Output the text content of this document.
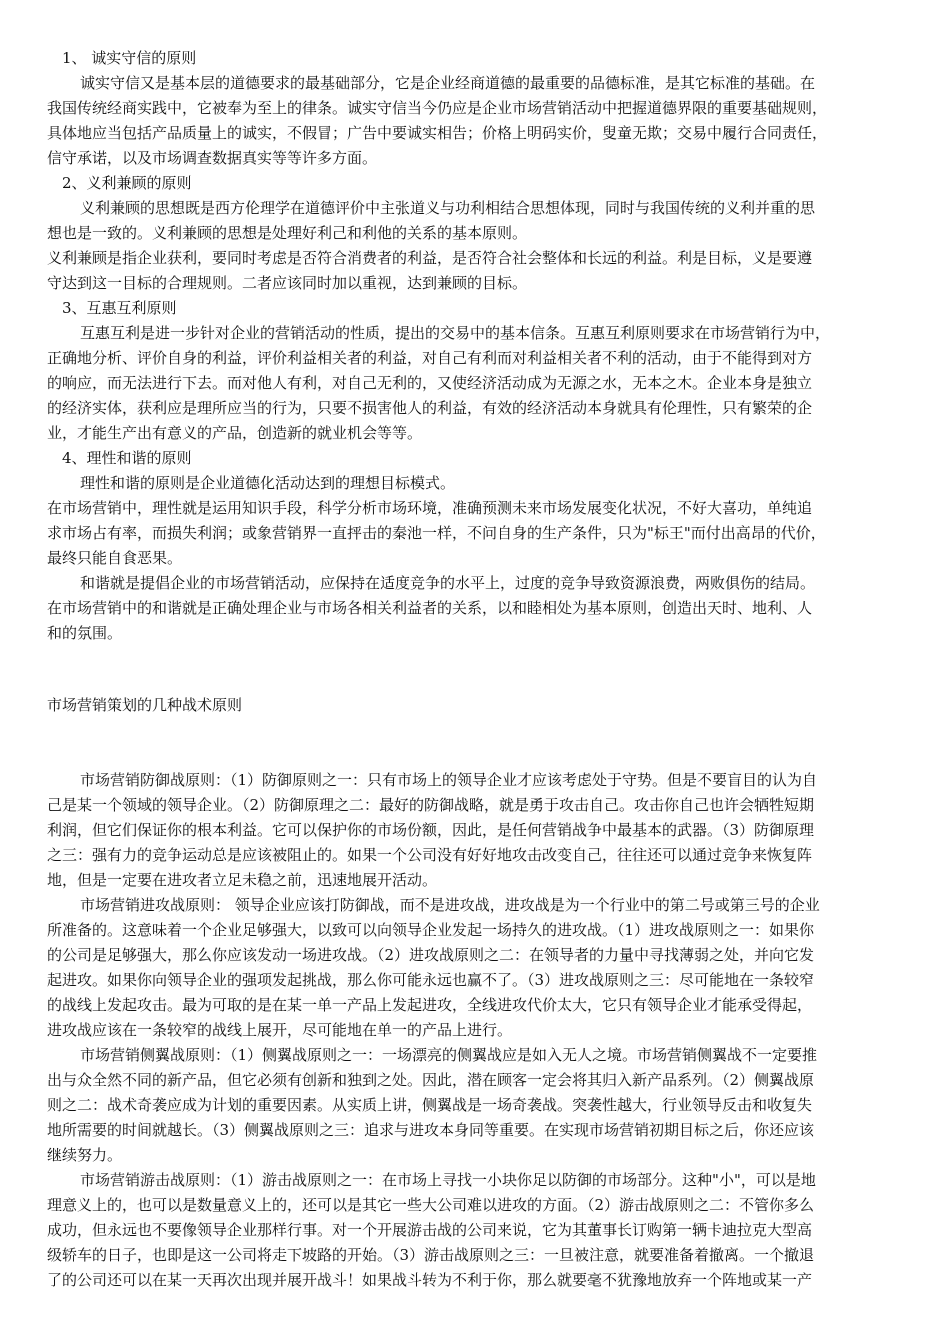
1、 诚实守信的原则
诚实守信又是基本层的道德要求的最基础部分，它是企业经商道德的最重要的品德标准，是其它标准的基础。在
我国传统经商实践中，它被奉为至上的律条。诚实守信当今仍应是企业市场营销活动中把握道德界限的重要基础规则，
具体地应当包括产品质量上的诚实，不假冒；广告中要诚实相告；价格上明码实价，叟童无欺；交易中履行合同责任，
信守承诺，以及市场调查数据真实等等许多方面。
2、义利兼顾的原则
义利兼顾的思想既是西方伦理学在道德评价中主张道义与功利相结合思想体现，同时与我国传统的义利并重的思
想也是一致的。义利兼顾的思想是处理好利己和利他的关系的基本原则。
义利兼顾是指企业获利，要同时考虑是否符合消费者的利益，是否符合社会整体和长远的利益。利是目标，义是要遵
守达到这一目标的合理规则。二者应该同时加以重视，达到兼顾的目标。
3、互惠互利原则
互惠互利是进一步针对企业的营销活动的性质，提出的交易中的基本信条。互惠互利原则要求在市场营销行为中，
正确地分析、评价自身的利益，评价利益相关者的利益，对自己有利而对利益相关者不利的活动，由于不能得到对方
的响应，而无法进行下去。而对他人有利，对自己无利的，又使经济活动成为无源之水，无本之木。企业本身是独立
的经济实体，获利应是理所应当的行为，只要不损害他人的利益，有效的经济活动本身就具有伦理性，只有繁荣的企
业，才能生产出有意义的产品，创造新的就业机会等等。
4、理性和谐的原则
理性和谐的原则是企业道德化活动达到的理想目标模式。
在市场营销中，理性就是运用知识手段，科学分析市场环境，准确预测未来市场发展变化状况，不好大喜功，单纯追
求市场占有率，而损失利润；或象营销界一直抨击的秦池一样，不问自身的生产条件，只为"标王"而付出高昂的代价，
最终只能自食恶果。
和谐就是提倡企业的市场营销活动，应保持在适度竞争的水平上，过度的竞争导致资源浪费，两败俱伤的结局。
在市场营销中的和谐就是正确处理企业与市场各相关利益者的关系，以和睦相处为基本原则，创造出天时、地利、人
和的氛围。
市场营销策划的几种战术原则
市场营销防御战原则：（1）防御原则之一：只有市场上的领导企业才应该考虑处于守势。但是不要盲目的认为自
己是某一个领域的领导企业。（2）防御原理之二：最好的防御战略，就是勇于攻击自己。攻击你自己也许会牺牲短期
利润，但它们保证你的根本利益。它可以保护你的市场份额，因此，是任何营销战争中最基本的武器。（3）防御原理
之三：强有力的竞争运动总是应该被阻止的。如果一个公司没有好好地攻击改变自己，往往还可以通过竞争来恢复阵
地，但是一定要在进攻者立足未稳之前，迅速地展开活动。
市场营销进攻战原则： 领导企业应该打防御战，而不是进攻战，进攻战是为一个行业中的第二号或第三号的企业
所准备的。这意味着一个企业足够强大，以致可以向领导企业发起一场持久的进攻战。（1）进攻战原则之一：如果你
的公司是足够强大，那么你应该发动一场进攻战。（2）进攻战原则之二：在领导者的力量中寻找薄弱之处，并向它发
起进攻。如果你向领导企业的强项发起挑战，那么你可能永远也赢不了。（3）进攻战原则之三：尽可能地在一条较窄
的战线上发起攻击。最为可取的是在某一单一产品上发起进攻，全线进攻代价太大，它只有领导企业才能承受得起，
进攻战应该在一条较窄的战线上展开，尽可能地在单一的产品上进行。
市场营销侧翼战原则：（1）侧翼战原则之一：一场漂亮的侧翼战应是如入无人之境。市场营销侧翼战不一定要推
出与众全然不同的新产品，但它必须有创新和独到之处。因此，潜在顾客一定会将其归入新产品系列。（2）侧翼战原
则之二：战术奇袭应成为计划的重要因素。从实质上讲，侧翼战是一场奇袭战。突袭性越大，行业领导反击和收复失
地所需要的时间就越长。（3）侧翼战原则之三：追求与进攻本身同等重要。在实现市场营销初期目标之后，你还应该
继续努力。
市场营销游击战原则：（1）游击战原则之一：在市场上寻找一小块你足以防御的市场部分。这种"小"，可以是地
理意义上的，也可以是数量意义上的，还可以是其它一些大公司难以进攻的方面。（2）游击战原则之二：不管你多么
成功，但永远也不要像领导企业那样行事。对一个开展游击战的公司来说，它为其董事长订购第一辆卡迪拉克大型高
级轿车的日子，也即是这一公司将走下坡路的开始。（3）游击战原则之三：一旦被注意，就要准备着撤离。一个撤退
了的公司还可以在某一天再次出现并展开战斗！如果战斗转为不利于你，那么就要毫不犹豫地放弃一个阵地或某一产
